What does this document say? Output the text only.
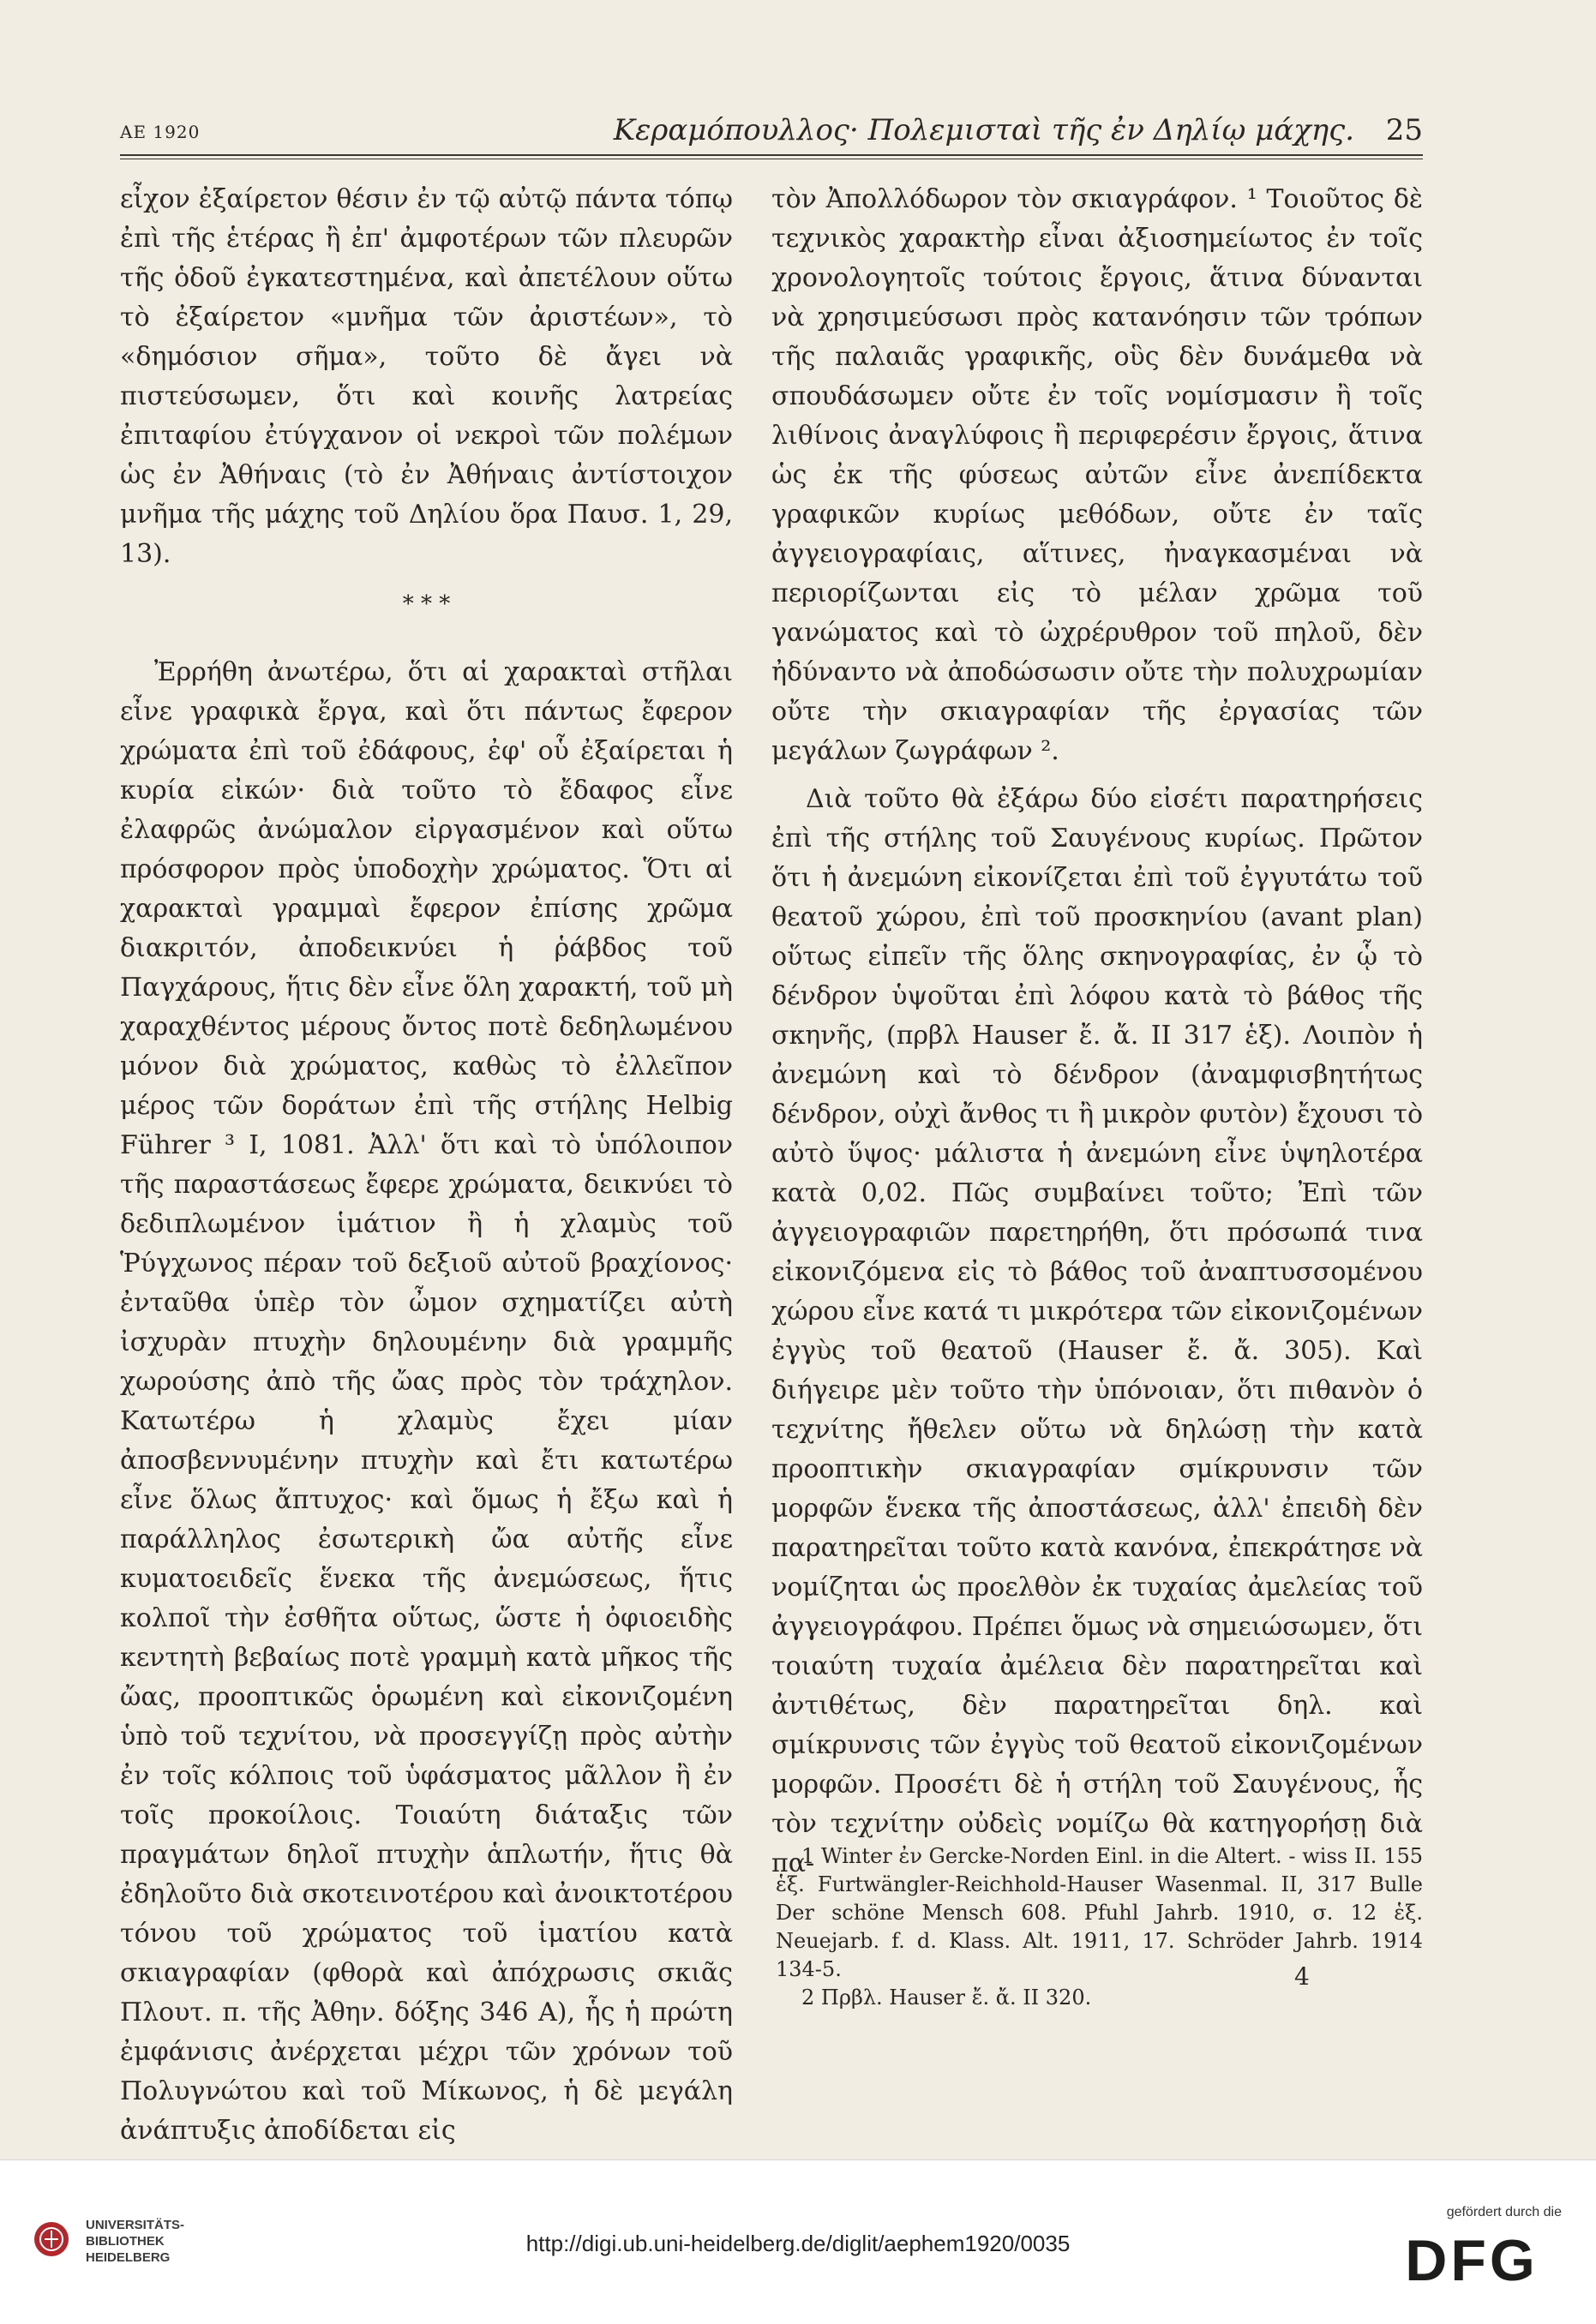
ΑΕ 1920	Κεραμόπουλλος· Πολεμισταὶ τῆς ἐν Δηλίῳ μάχης. 25

εἶχον ἐξαίρετον θέσιν ἐν τῷ αὐτῷ πάντα τόπῳ ἐπὶ τῆς ἑτέρας ἢ ἐπ' ἀμφοτέρων τῶν πλευρῶν τῆς ὁδοῦ ἐγκατεστημένα, καὶ ἀπετέλουν οὕτω τὸ ἐξαίρετον «μνῆμα τῶν ἀριστέων», τὸ «δημόσιον σῆμα», τοῦτο δὲ ἄγει νὰ πιστεύσωμεν, ὅτι καὶ κοινῆς λατρείας ἐπιταφίου ἐτύγχανον οἱ νεκροὶ τῶν πολέμων ὡς ἐν Ἀθήναις (τὸ ἐν Ἀθήναις ἀντίστοιχον μνῆμα τῆς μάχης τοῦ Δηλίου ὅρα Παυσ. 1, 29, 13).

* * *

Ἐρρήθη ἀνωτέρω, ὅτι αἱ χαρακταὶ στῆλαι εἶνε γραφικὰ ἔργα, καὶ ὅτι πάντως ἔφερον χρώματα ἐπὶ τοῦ ἐδάφους, ἐφ' οὗ ἐξαίρεται ἡ κυρία εἰκών· διὰ τοῦτο τὸ ἔδαφος εἶνε ἐλαφρῶς ἀνώμαλον εἰργασμένον καὶ οὕτω πρόσφορον πρὸς ὑποδοχὴν χρώματος. Ὅτι αἱ χαρακταὶ γραμμαὶ ἔφερον ἐπίσης χρῶμα διακριτόν, ἀποδεικνύει ἡ ῥάβδος τοῦ Παγχάρους, ἥτις δὲν εἶνε ὅλη χαρακτή, τοῦ μὴ χαραχθέντος μέρους ὄντος ποτὲ δεδηλωμένου μόνον διὰ χρώματος, καθὼς τὸ ἐλλεῖπον μέρος τῶν δοράτων ἐπὶ τῆς στήλης Helbig Führer ³ I, 1081. Ἀλλ' ὅτι καὶ τὸ ὑπόλοιπον τῆς παραστάσεως ἔφερε χρώματα, δεικνύει τὸ δεδιπλωμένον ἱμάτιον ἢ ἡ χλαμὺς τοῦ Ῥύγχωνος πέραν τοῦ δεξιοῦ αὐτοῦ βραχίονος· ἐνταῦθα ὑπὲρ τὸν ὦμον σχηματίζει αὐτὴ ἰσχυρὰν πτυχὴν δηλουμένην διὰ γραμμῆς χωρούσης ἀπὸ τῆς ὤας πρὸς τὸν τράχηλον. Κατωτέρω ἡ χλαμὺς ἔχει μίαν ἀποσβεννυμένην πτυχὴν καὶ ἔτι κατωτέρω εἶνε ὅλως ἄπτυχος· καὶ ὅμως ἡ ἔξω καὶ ἡ παράλληλος ἐσωτερικὴ ὤα αὐτῆς εἶνε κυματοειδεῖς ἕνεκα τῆς ἀνεμώσεως, ἥτις κολποῖ τὴν ἐσθῆτα οὕτως, ὥστε ἡ ὀφιοειδὴς κεντητὴ βεβαίως ποτὲ γραμμὴ κατὰ μῆκος τῆς ὤας, προοπτικῶς ὁρωμένη καὶ εἰκονιζομένη ὑπὸ τοῦ τεχνίτου, νὰ προσεγγίζῃ πρὸς αὐτὴν ἐν τοῖς κόλποις τοῦ ὑφάσματος μᾶλλον ἢ ἐν τοῖς προκοίλοις. Τοιαύτη διάταξις τῶν πραγμάτων δηλοῖ πτυχὴν ἁπλωτήν, ἥτις θὰ ἐδηλοῦτο διὰ σκοτεινοτέρου καὶ ἀνοικτοτέρου τόνου τοῦ χρώματος τοῦ ἱματίου κατὰ σκιαγραφίαν (φθορὰ καὶ ἀπόχρωσις σκιᾶς Πλουτ. π. τῆς Ἀθην. δόξης 346 A), ἧς ἡ πρώτη ἐμφάνισις ἀνέρχεται μέχρι τῶν χρόνων τοῦ Πολυγνώτου καὶ τοῦ Μίκωνος, ἡ δὲ μεγάλη ἀνάπτυξις ἀποδίδεται εἰς

τὸν Ἀπολλόδωρον τὸν σκιαγράφον. ¹ Τοιοῦτος δὲ τεχνικὸς χαρακτὴρ εἶναι ἀξιοσημείωτος ἐν τοῖς χρονολογητοῖς τούτοις ἔργοις, ἅτινα δύνανται νὰ χρησιμεύσωσι πρὸς κατανόησιν τῶν τρόπων τῆς παλαιᾶς γραφικῆς, οὓς δὲν δυνάμεθα νὰ σπουδάσωμεν οὔτε ἐν τοῖς νομίσμασιν ἢ τοῖς λιθίνοις ἀναγλύφοις ἢ περιφερέσιν ἔργοις, ἅτινα ὡς ἐκ τῆς φύσεως αὐτῶν εἶνε ἀνεπίδεκτα γραφικῶν κυρίως μεθόδων, οὔτε ἐν ταῖς ἀγγειογραφίαις, αἵτινες, ἠναγκασμέναι νὰ περιορίζωνται εἰς τὸ μέλαν χρῶμα τοῦ γανώματος καὶ τὸ ὠχρέρυθρον τοῦ πηλοῦ, δὲν ἠδύναντο νὰ ἀποδώσωσιν οὔτε τὴν πολυχρωμίαν οὔτε τὴν σκιαγραφίαν τῆς ἐργασίας τῶν μεγάλων ζωγράφων ².

Διὰ τοῦτο θὰ ἐξάρω δύο εἰσέτι παρατηρήσεις ἐπὶ τῆς στήλης τοῦ Σαυγένους κυρίως. Πρῶτον ὅτι ἡ ἀνεμώνη εἰκονίζεται ἐπὶ τοῦ ἐγγυτάτω τοῦ θεατοῦ χώρου, ἐπὶ τοῦ προσκηνίου (avant plan) οὕτως εἰπεῖν τῆς ὅλης σκηνογραφίας, ἐν ᾧ τὸ δένδρον ὑψοῦται ἐπὶ λόφου κατὰ τὸ βάθος τῆς σκηνῆς, (πρβλ Hauser ἔ. ἄ. II 317 ἑξ). Λοιπὸν ἡ ἀνεμώνη καὶ τὸ δένδρον (ἀναμφισβητήτως δένδρον, οὐχὶ ἄνθος τι ἢ μικρὸν φυτὸν) ἔχουσι τὸ αὐτὸ ὕψος· μάλιστα ἡ ἀνεμώνη εἶνε ὑψηλοτέρα κατὰ 0,02. Πῶς συμβαίνει τοῦτο; Ἐπὶ τῶν ἀγγειογραφιῶν παρετηρήθη, ὅτι πρόσωπά τινα εἰκονιζόμενα εἰς τὸ βάθος τοῦ ἀναπτυσσομένου χώρου εἶνε κατά τι μικρότερα τῶν εἰκονιζομένων ἐγγὺς τοῦ θεατοῦ (Hauser ἔ. ἄ. 305). Καὶ διήγειρε μὲν τοῦτο τὴν ὑπόνοιαν, ὅτι πιθανὸν ὁ τεχνίτης ἤθελεν οὕτω νὰ δηλώσῃ τὴν κατὰ προοπτικὴν σκιαγραφίαν σμίκρυνσιν τῶν μορφῶν ἕνεκα τῆς ἀποστάσεως, ἀλλ' ἐπειδὴ δὲν παρατηρεῖται τοῦτο κατὰ κανόνα, ἐπεκράτησε νὰ νομίζηται ὡς προελθὸν ἐκ τυχαίας ἀμελείας τοῦ ἀγγειογράφου. Πρέπει ὅμως νὰ σημειώσωμεν, ὅτι τοιαύτη τυχαία ἀμέλεια δὲν παρατηρεῖται καὶ ἀντιθέτως, δὲν παρατηρεῖται δηλ. καὶ σμίκρυνσις τῶν ἐγγὺς τοῦ θεατοῦ εἰκονιζομένων μορφῶν. Προσέτι δὲ ἡ στήλη τοῦ Σαυγένους, ἧς τὸν τεχνίτην οὐδεὶς νομίζω θὰ κατηγορήσῃ διὰ πα-

1 Winter ἐν Gercke-Norden Einl. in die Altert. - wiss II. 155 ἑξ. Furtwängler-Reichhold-Hauser Wasenmal. II, 317 Bulle Der schöne Mensch 608. Pfuhl Jahrb. 1910, σ. 12 ἑξ. Neuejarb. f. d. Klass. Alt. 1911, 17. Schröder Jahrb. 1914 134-5.

2 Πρβλ. Hauser ἔ. ἄ. II 320.

4
UNIVERSITÄTS-
BIBLIOTHEK
HEIDELBERG
http://digi.ub.uni-heidelberg.de/diglit/aephem1920/0035
gefördert durch die
DFG
